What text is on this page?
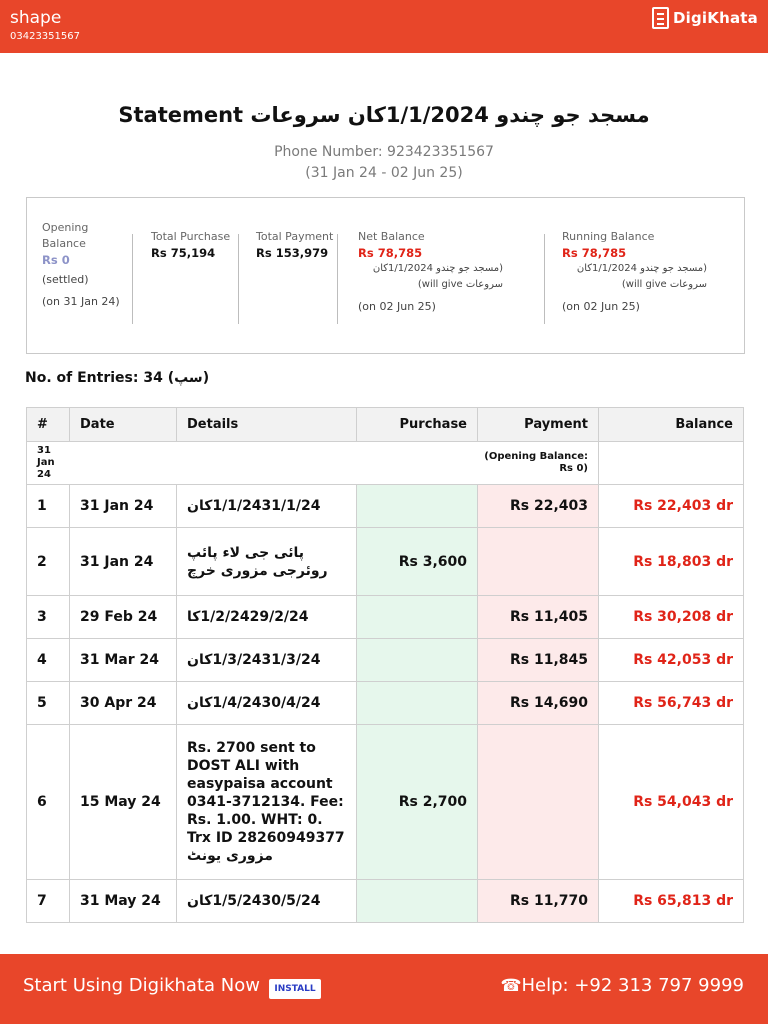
shape
03423351567
DigiKhata
مسجد جو چندو 1/1/2024کان سروعات Statement
Phone Number: 923423351567
(31 Jan 24 - 02 Jun 25)
Opening Balance
Rs 0
(settled)
(on 31 Jan 24)
Total Purchase
Rs 75,194
Total Payment
Rs 153,979
Net Balance
Rs 78,785
(مسجد جو چندو 1/1/2024کان سروعات will give)
(on 02 Jun 25)
Running Balance
Rs 78,785
(مسجد جو چندو 1/1/2024کان سروعات will give)
(on 02 Jun 25)
No. of Entries: 34 (سپ)
#	Date	Details	Purchase	Payment	Balance
31 Jan 24	(Opening Balance: Rs 0)				
1	31 Jan 24	1/1/2431/1/24کان		Rs 22,403	Rs 22,403 dr
2	31 Jan 24	پائی جی لاء پائپ روئرجی مزوری خرچ	Rs 3,600		Rs 18,803 dr
3	29 Feb 24	1/2/2429/2/24کا		Rs 11,405	Rs 30,208 dr
4	31 Mar 24	1/3/2431/3/24کان		Rs 11,845	Rs 42,053 dr
5	30 Apr 24	1/4/2430/4/24کان		Rs 14,690	Rs 56,743 dr
6	15 May 24	Rs. 2700 sent to DOST ALI with easypaisa account 0341-3712134. Fee: Rs. 1.00. WHT: 0. Trx ID 28260949377 مزوری یونٹ	Rs 2,700		Rs 54,043 dr
7	31 May 24	1/5/2430/5/24کان		Rs 11,770	Rs 65,813 dr
Start Using Digikhata Now	INSTALL ☎	Help: +92 313 797 9999
